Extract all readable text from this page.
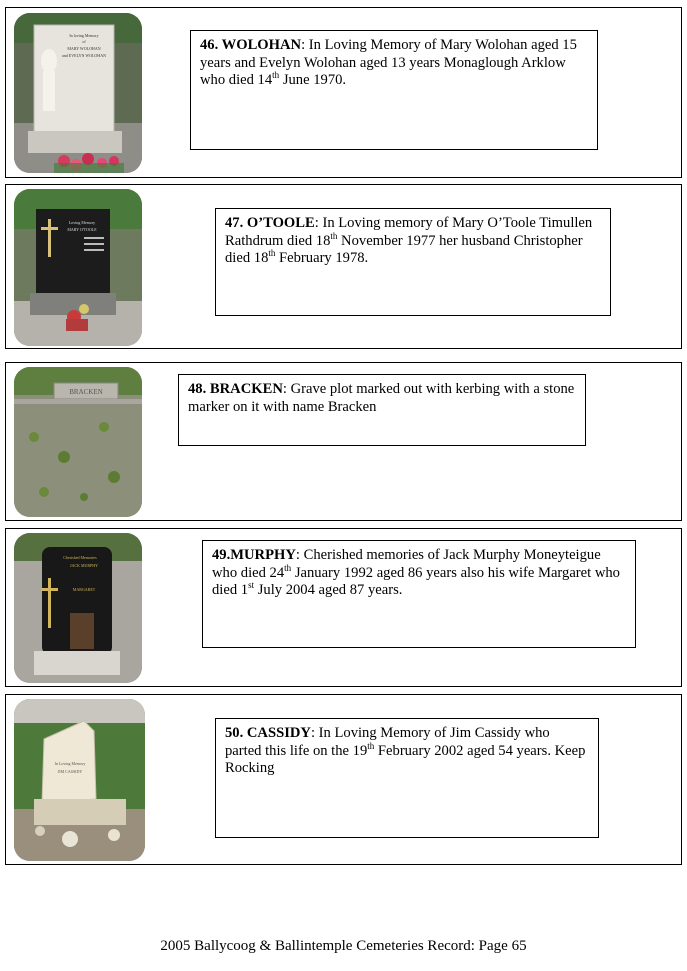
In loving Memory
of
MARY WOLOHAN
and EVELYN WOLOHAN
46. WOLOHAN: In Loving Memory of Mary Wolohan aged 15 years and Evelyn Wolohan aged 13 years Monaglough Arklow who died 14th June 1970.
Loving Memory
MARY O'TOOLE	47. O’TOOLE: In Loving memory of Mary O’Toole Timullen Rathdrum died 18th November 1977 her husband Christopher died 18th February 1978.
BRACKEN	48. BRACKEN: Grave plot marked out with kerbing with a stone marker on it with name Bracken
Cherished Memories
JACK MURPHY
MARGARET
49.MURPHY: Cherished memories of Jack Murphy Moneyteigue who died 24th January 1992 aged 86 years also his wife Margaret who died 1st July 2004 aged 87 years.
In Loving Memory
JIM CASSIDY
50. CASSIDY: In Loving Memory of Jim Cassidy who parted this life on the 19th February 2002 aged 54 years. Keep Rocking
2005 Ballycoog & Ballintemple Cemeteries Record: Page 65
